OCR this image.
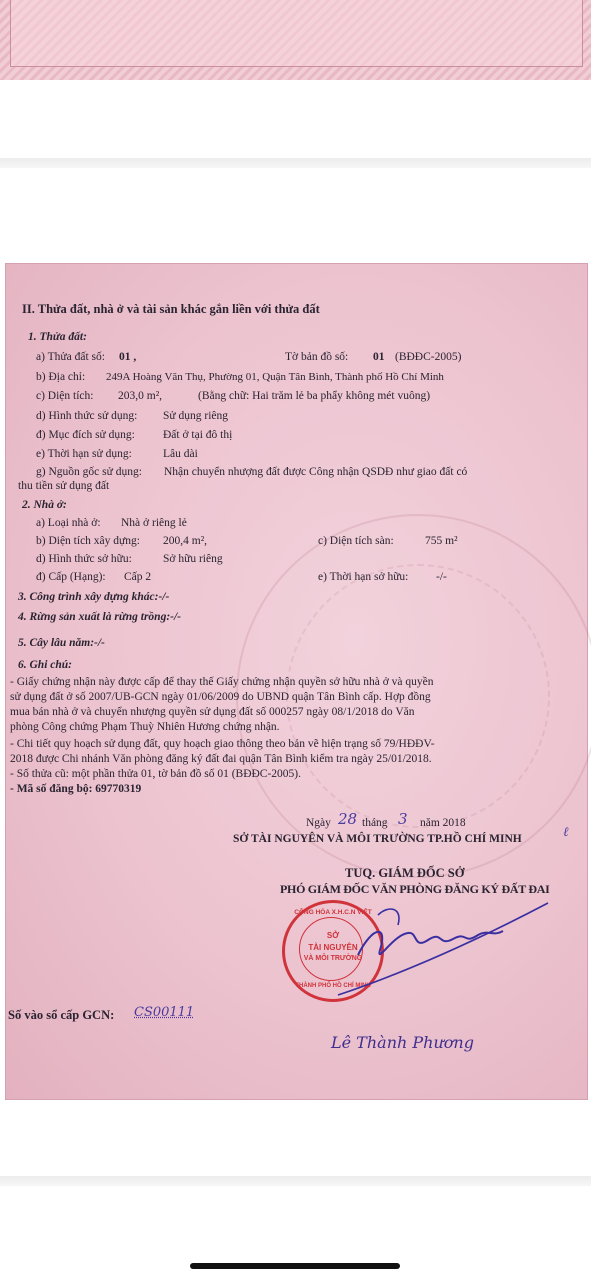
II. Thửa đất, nhà ở và tài sản khác gắn liền với thửa đất
1. Thửa đất:
a) Thửa đất số: 01 ,	Tờ bản đồ số: 01 (BĐĐC-2005)
b) Địa chỉ: 249A Hoàng Văn Thụ, Phường 01, Quận Tân Bình, Thành phố Hồ Chí Minh
c) Diện tích: 203,0 m²,	(Bằng chữ: Hai trăm lẻ ba phẩy không mét vuông)
d) Hình thức sử dụng: Sử dụng riêng
đ) Mục đích sử dụng: Đất ở tại đô thị
e) Thời hạn sử dụng:	Lâu dài
g) Nguồn gốc sử dụng: Nhận chuyển nhượng đất được Công nhận QSDĐ như giao đất có
thu tiền sử dụng đất
2. Nhà ở:
a) Loại nhà ở: Nhà ở riêng lẻ
b) Diện tích xây dựng: 200,4 m²,	c) Diện tích sàn:	755 m²
d) Hình thức sở hữu:	Sở hữu riêng
đ) Cấp (Hạng): Cấp 2	e) Thời hạn sở hữu: -/-
3. Công trình xây dựng khác:-/-
4. Rừng sản xuất là rừng trồng:-/-
5. Cây lâu năm:-/-
6. Ghi chú:
- Giấy chứng nhận này được cấp để thay thế Giấy chứng nhận quyền sở hữu nhà ở và quyền
sử dụng đất ở số 2007/UB-GCN ngày 01/06/2009 do UBND quận Tân Bình cấp. Hợp đồng
mua bán nhà ở và chuyển nhượng quyền sử dụng đất số 000257 ngày 08/1/2018 do Văn
phòng Công chứng Phạm Thuỳ Nhiên Hương chứng nhận.
- Chi tiết quy hoạch sử dụng đất, quy hoạch giao thông theo bản vẽ hiện trạng số 79/HĐĐV-
2018 được Chi nhánh Văn phòng đăng ký đất đai quận Tân Bình kiểm tra ngày 25/01/2018.
- Số thửa cũ: một phần thửa 01, tờ bản đồ số 01 (BĐĐC-2005).
- Mã số đăng bộ: 69770319
Ngày 28 tháng 3 năm 2018
SỞ TÀI NGUYÊN VÀ MÔI TRƯỜNG TP.HỒ CHÍ MINH	ℓ
TUQ. GIÁM ĐỐC SỞ
PHÓ GIÁM ĐỐC VĂN PHÒNG ĐĂNG KÝ ĐẤT ĐAI
CỘNG HÒA X.H.C.N VIỆT
SỞ
TÀI NGUYÊN
VÀ MÔI TRƯỜNG
THÀNH PHỐ HỒ CHÍ MINH
Lê Thành Phương
Số vào sổ cấp GCN: CS00111
